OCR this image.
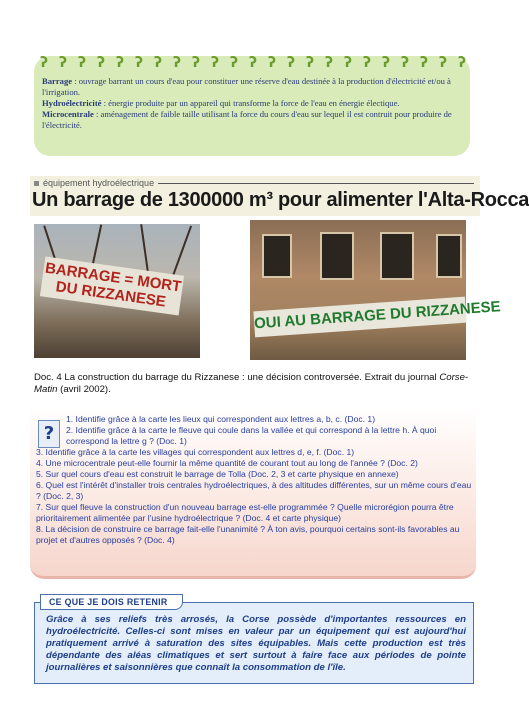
Barrage : ouvrage barrant un cours d'eau pour constituer une réserve d'eau destinée à la production d'électricité et/ou à l'irrigation.

Hydroélectricité : énergie produite par un appareil qui transforme la force de l'eau en énergie électique.

Microcentrale : aménagement de faible taille utilisant la force du cours d'eau sur lequel il est contruit pour produire de l'électricité.

ʔ ʔ ʔ ʔ ʔ ʔ ʔ ʔ ʔ ʔ ʔ ʔ ʔ ʔ ʔ ʔ ʔ ʔ ʔ ʔ ʔ ʔ ʔ
équipement hydroélectrique
Un barrage de 1300000 m³ pour alimenter l'Alta-Rocca
BARRAGE = MORT DU RIZZANESE
OUI AU BARRAGE DU RIZZANESE
Doc. 4 La construction du barrage du Rizzanese : une décision controversée. Extrait du journal Corse-Matin (avril 2002).
?

1. Identifie grâce à la carte les lieux qui correspondent aux lettres a, b, c. (Doc. 1)

2. Identifie grâce à la carte le fleuve qui coule dans la vallée et qui correspond à la lettre h. À quoi correspond la lettre g ? (Doc. 1)

3. Identifie grâce à la carte les villages qui correspondent aux lettres d, e, f. (Doc. 1)

4. Une microcentrale peut-elle fournir la même quantité de courant tout au long de l'année ? (Doc. 2)

5. Sur quel cours d'eau est construit le barrage de Tolla (Doc. 2, 3 et carte physique en annexe)

6. Quel est l'intérêt d'installer trois centrales hydroélectriques, à des altitudes différentes, sur un même cours d'eau ? (Doc. 2, 3)

7. Sur quel fleuve la construction d'un nouveau barrage est-elle programmée ? Quelle microrégion pourra être prioritairement alimentée par l'usine hydroélectrique ? (Doc. 4 et carte physique)

8. La décision de construire ce barrage fait-elle l'unanimité ? À ton avis, pourquoi certains sont-ils favorables au projet et d'autres opposés ? (Doc. 4)

CE QUE JE DOIS RETENIR
Grâce à ses reliefs très arrosés, la Corse possède d'importantes ressources en hydroélectricité. Celles-ci sont mises en valeur par un équipement qui est aujourd'hui pratiquement arrivé à saturation des sites équipables. Mais cette production est très dépendante des aléas climatiques et sert surtout à faire face aux périodes de pointe journalières et saisonnières que connaît la consommation de l'île.
